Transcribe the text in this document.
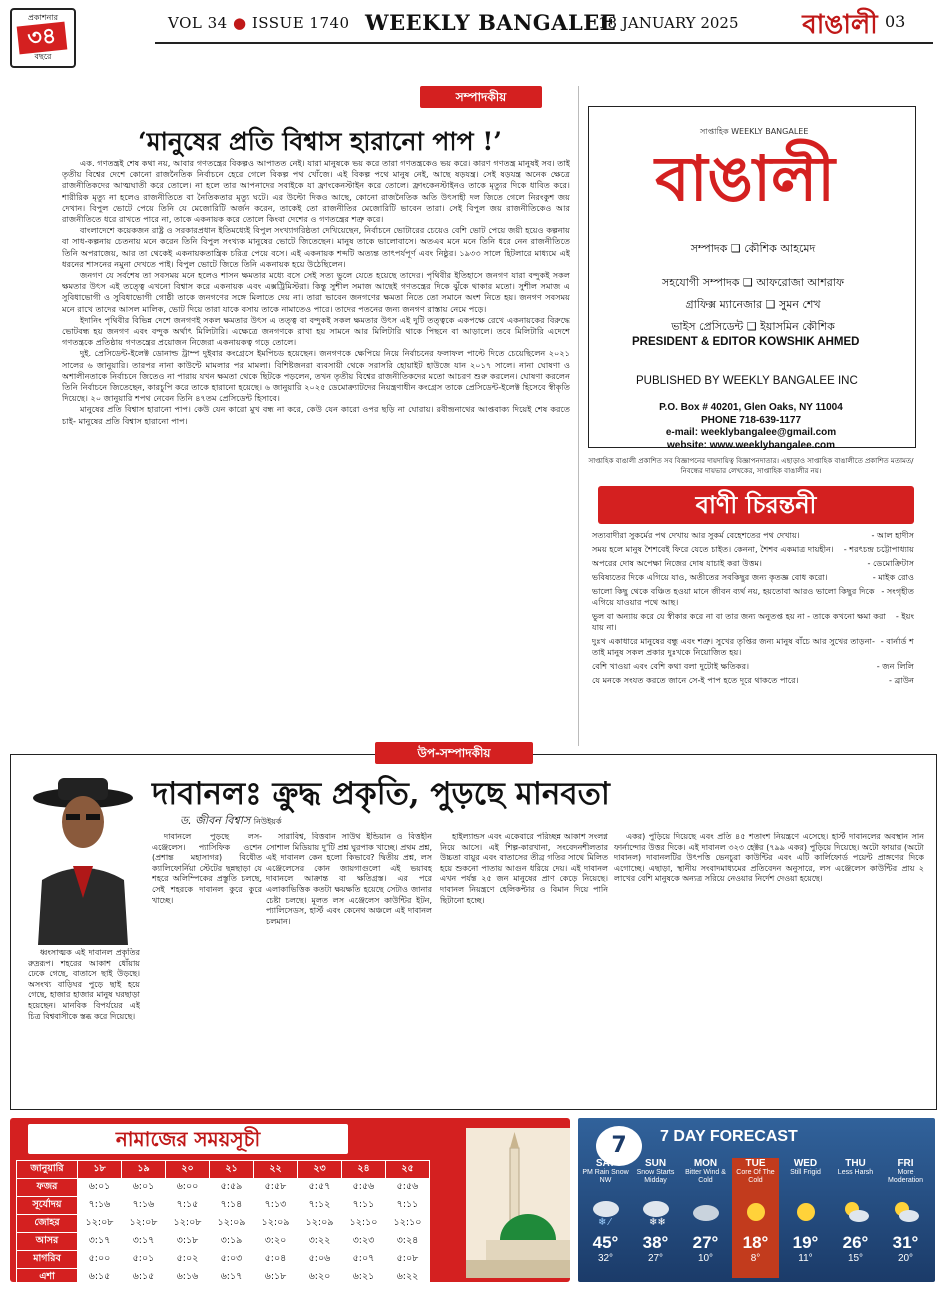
প্রকাশনার
৩৪
বছরে
VOL 34 ● ISSUE 1740 WEEKLY BANGALEE
18 JANUARY 2025 বাঙালী 03
সম্পাদকীয়
‘মানুষের প্রতি বিশ্বাস হারানো পাপ !’

এক. গণতন্ত্রই শেষ কথা নয়, আবার গণতন্ত্রের বিকল্পও আপাতত নেই। যারা মানুষকে ভয় করে তারা গণতন্ত্রকেও ভয় করে। কারণ গণতন্ত্র মানুষই সব। তাই তৃতীয় বিশ্বের দেশে কোনো রাজনৈতিক নির্বাচনে হেরে গেলে বিকল্প পথ খোঁজে। এই বিকল্প পথে মানুষ নেই, আছে ষড়যন্ত্র। সেই ষড়যন্ত্র অনেক ক্ষেত্রে রাজনীতিকদের আত্মঘাতী করে তোলে। না হলে তার আপনাদের সবাইকে যা ফ্রাংকেনস্টাইন করে তোলে। ফ্রাংকেনস্টাইনও তাকে মৃত্যুর দিকে ধাবিত করে। শারীরিক মৃত্যু না হলেও রাজনীতিতে বা নৈতিকতার মৃত্যু ঘটে। এর উল্টো দিকও আছে, কোনো রাজনৈতিক অতি উৎসাহী দল জিতে গেলে নিরংকুশ জয় দেখান। বিপুল ভোটে পেয়ে তিনি যে মেজোরিটি অর্জন করেন, তাকেই তো রাজনীতির মেজোরিটি ভাবেন তারা। সেই বিপুল জয় রাজনীতিকেও আর রাজনীতিতে ধরে রাখতে পারে না, তাকে একনায়ক করে তোলে কিংবা দেশের ও গণতন্ত্রের শত্রু করে।

বাংলাদেশে কয়েকজন রাষ্ট্র ও সরকারপ্রধান ইতিমধ্যেই বিপুল সংখ্যাগরিষ্ঠতা দেখিয়েছেন, নির্বাচনে ভোটারের চেয়েও বেশি ভোট পেয়ে জয়ী হয়েও কল্পনায় বা সাধ-কল্পনায় চেতনায় মনে করেন তিনি বিপুল সংখ্যক মানুষের ভোটে জিতেছেন। মানুষ তাকে ভালোবাসে। অতএব মনে মনে তিনি ধরে নেন রাজনীতিতে তিনি অপরাজেয়, আর তা থেকেই একনায়কতান্ত্রিক চরিত্র পেয়ে বসে। এই একনায়ক শব্দটি অত্যন্ত তাৎপর্যপূর্ণ এবং নিষ্ঠুর। ১৯৩৩ সালে হিটলারে মাধ্যমে এই ধরনের শাসনের নমুনা দেখতে পাই। বিপুল ভোটে জিতে তিনি একনায়ক হয়ে উঠেছিলেন।

জনগণ যে সর্বশেষ তা সবসময় মনে হলেও শাসন ক্ষমতার মধ্যে বসে সেই সত্য ভুলে যেতে হয়েছে তাদের। পৃথিবীর ইতিহাসে জনগণ যারা বন্দুকই সকল ক্ষমতার উৎস এই তত্ত্বে এখনো বিশ্বাস করে একনায়ক এবং এক্সট্রিমিস্টরা। কিন্তু সুশীল সমাজ আছেই গণতন্ত্রের দিকে ঝুঁকে থাকার মতো। সুশীল সমাজ এ সুবিধাভোগী ও সুবিধাভোগী গোষ্ঠী তাকে জনগণের সঙ্গে মিলাতে দেয় না। তারা ভাবেন জনগণের ক্ষমতা নিতে তো সমানে অংশ নিতে হয়। জনগণ সবসময় মনে রাখে তাদের আসল মালিক, ভোট দিয়ে তারা যাকে বসায় তাকে নামাতেও পারে। তাদের পতনের জন্য জনগণ রাস্তায় নেমে পড়ে।

ইদানিং পৃথিবীর বিভিন্ন দেশে জনগণই সকল ক্ষমতার উৎস এ তত্ত্ব বা বন্দুকই সকল ক্ষমতার উৎস এই দুটি তত্ত্বকে একপক্ষে রেখে একনায়কের বিরুদ্ধে ভোটবন্ধ হয় জনগণ এবং বন্দুক অর্থাৎ মিলিটারি। এক্ষেত্রে জনগণকে রাখা হয় সামনে আর মিলিটারি থাকে পিছনে বা আড়ালে। তবে মিলিটারি এদেশে গণতন্ত্রকে প্রতিষ্ঠায় গণতন্ত্রের প্রয়োজন নিজেরা একনায়কত্ব গড়ে তোলে।

দুই. প্রেসিডেন্ট-ইলেক্ট ডোনাল্ড ট্রাম্প দুইবার কংগ্রেসে ইমপিচড হয়েছেন। জনগণকে ক্ষেপিয়ে নিয়ে নির্বাচনের ফলাফল পাল্টে দিতে চেয়েছিলেন ২০২১ সালের ৬ জানুয়ারি। তারপর নানা কাউন্টে মামলার পর মামলা। বিশিষ্টজনরা ব্যবসায়ী থেকে সরাসরি হোয়াইট হাউজে যান ২০১৭ সালে। নানা ঘোষণা ও অশালীনতাকে নির্বাচনে জিতেও না পারায় যখন ক্ষমতা থেকে ছিটকে পড়লেন, তখন তৃতীয় বিশ্বের রাজনীতিকদের মতো আচরণ শুরু করলেন। ঘোষণা করলেন তিনি নির্বাচনে জিতেছেন, কারচুপি করে তাকে হারানো হয়েছে। ৬ জানুয়ারি ২০২৫ ডেমোক্র্যাটদের নিয়ন্ত্রণাধীন কংগ্রেস তাকে প্রেসিডেন্ট-ইলেক্ট হিসেবে স্বীকৃতি দিয়েছে। ২০ জানুয়ারি শপথ নেবেন তিনি ৪৭তম প্রেসিডেন্ট হিসাবে।

মানুষের প্রতি বিশ্বাস হারানো পাপ। কেউ যেন কারো মুখ বন্ধ না করে, কেউ যেন কারো ওপর ছড়ি না ঘোরায়। রবীন্দ্রনাথের আপ্তবাক্য দিয়েই শেষ করতে চাই- মানুষের প্রতি বিশ্বাস হারানো পাপ।

বাঙালী
সাপ্তাহিক WEEKLY BANGALEE
সম্পাদক ❑ কৌশিক আহমেদ
সহযোগী সম্পাদক ❑ আফরোজা আশরাফ
গ্রাফিক্স ম্যানেজার ❑ সুমন শেখ
ভাইস প্রেসিডেন্ট ❑ ইয়াসমিন কৌশিক
PRESIDENT & EDITOR KOWSHIK AHMED
PUBLISHED BY WEEKLY BANGALEE INC
P.O. Box # 40201, Glen Oaks, NY 11004
PHONE 718-639-1177
e-mail: weeklybangalee@gmail.com
website: www.weeklybangalee.com
সাপ্তাহিক বাঙালী প্রকাশিত সব বিজ্ঞাপনের দায়দায়িত্ব বিজ্ঞাপনদাতার। এছাড়াও সাপ্তাহিক বাঙালীতে প্রকাশিত মতামত/নিবন্ধের দায়ভার লেখকের, সাপ্তাহিক বাঙালীর নয়।
বাণী চিরন্তনী
- আল হাদীস
সত্যবাদীরা সুকর্মের পথ দেখায় আর সুকর্ম বেহেশতের পথ দেখায়।
- শরৎচন্দ্র চট্টোপাধ্যায়
সময় হলে মানুষ শৈশবেই ফিরে যেতে চাইত। কেননা, শৈশব একমাত্র দায়হীন।
- ডেমোক্রিটাস
অপরের দোষ অপেক্ষা নিজের দোষ যাচাই করা উত্তম।
- মাইক রোও
ভবিষ্যতের দিকে এগিয়ে যাও, অতীতের সবকিছুর জন্য কৃতজ্ঞ বোধ করো।
- সংগৃহীত
ভালো কিছু থেকে বঞ্চিত হওয়া মানে জীবন ব্যর্থ নয়, হয়তোবা আরও ভালো কিছুর দিকে এগিয়ে যাওয়ার পথে আছ।
- ইয়ং
ভুল বা অন্যায় করে যে স্বীকার করে না বা তার জন্য অনুতপ্ত হয় না - তাকে কখনো ক্ষমা করা যায় না।
- বার্নার্ড শ
দুঃখ একাধারে মানুষের বন্ধু এবং শত্রু। সুখের তৃপ্তির জন্য মানুষ বাঁচে আর সুখের তাড়না-তাই মানুষ সকল প্রকার দুঃখকে নিয়োজিত হয়।
- জন লিলি
বেশি খাওয়া এবং বেশি কথা বলা দুটোই ক্ষতিকর।
- ব্রাউন
যে মনকে সংযত করতে জানে সে-ই পাপ হতে দূরে থাকতে পারে।
উপ-সম্পাদকীয়
দাবানলঃ ক্রুদ্ধ প্রকৃতি, পুড়ছে মানবতা
ড. জীবন বিশ্বাস নিউইয়র্ক

দাবানলে পুড়ছে লস-এঞ্জেলেস। প্যাসিফিক ওশেন (প্রশান্ত মহাসাগর) বিধৌত ক্যালিফোর্নিয়া স্টেটের ছন্নছাড়া যে শহরে অলিম্পিকের প্রস্তুতি চলছে, সেই শহরকে দাবানল কুরে কুরে খাচ্ছে।

ধ্বংসাত্মক এই দাবানল প্রকৃতির রুদ্ররূপ। শহরের আকাশ ধোঁয়ায় ঢেকে গেছে, বাতাসে ছাই উড়ছে। অসংখ্য বাড়িঘর পুড়ে ছাই হয়ে গেছে, হাজার হাজার মানুষ ঘরছাড়া হয়েছেন। মানবিক বিপর্যয়ের এই চিত্র বিশ্ববাসীকে স্তব্ধ করে দিয়েছে।

সারাবিশ্ব, বিত্তবান সাউথ ইন্ডিয়ান ও বিত্তহীন সোশাল মিডিয়ায় দু'টি প্রশ্ন ঘুরপাক খাচ্ছে। প্রথম প্রশ্ন, এই দাবানল কেন হলো কিভাবে? দ্বিতীয় প্রশ্ন, লস এঞ্জেলেসের কোন জায়গাগুলো এই ভয়াবহ দাবানলে আক্রান্ত বা ক্ষতিগ্রস্ত। এর পরে এলাকাভিত্তিক কতটা ক্ষয়ক্ষতি হয়েছে সেটাও জানার চেষ্টা চলছে। মূলত লস এঞ্জেলেস কাউন্টির ইটন, প্যালিসেডস, হার্স্ট এবং কেনেথ অঞ্চলে এই দাবানল চলমান।

হাইল্যান্ডস এবং একেবারে পরিচ্ছন্ন আকাশ সংলগ্ন নিয়ে আসে। এই শিল্প-কারখানা, সংবেদনশীলতার উচ্চতা বায়ুর এবং বাতাসের তীব্র গতির সাথে মিলিত হয়ে শুকনো পাতায় আগুন ধরিয়ে দেয়। এই দাবানল এখন পর্যন্ত ২৫ জন মানুষের প্রাণ কেড়ে নিয়েছে। দাবানল নিয়ন্ত্রণে হেলিকপ্টার ও বিমান দিয়ে পানি ছিটানো হচ্ছে।

একর) পুড়িয়ে দিয়েছে এবং প্রতি ৪৫ শতাংশ নিয়ন্ত্রণে এসেছে। হার্স্ট দাবানলের অবস্থান সান ফার্নান্দোর উত্তর দিকে। এই দাবানল ৩২৩ হেক্টর (৭৯৯ একর) পুড়িয়ে দিয়েছে। অটো ফায়ার (অটো দাবানল) দাবানলটির উৎপত্তি ভেনচুরা কাউন্টির এবং এটি কার্লিফোর্ড পয়েন্ট প্রাঙ্গণের দিকে এগোচ্ছে। এছাড়া, স্থানীয় সংবাদমাধ্যমের প্রতিবেদন অনুসারে, লস এঞ্জেলেস কাউন্টির প্রায় ২ লাখের বেশি মানুষকে অন্যত্র সরিয়ে নেওয়ার নির্দেশ দেওয়া হয়েছে।

নামাজের সময়সূচী
জানুয়ারি	১৮	১৯	২০	২১	২২	২৩	২৪	২৫
ফজর	৬:০১	৬:০১	৬:০০	৫:৫৯	৫:৫৮	৫:৫৭	৫:৫৬	৫:৫৬
সূর্যোদয়	৭:১৬	৭:১৬	৭:১৫	৭:১৪	৭:১৩	৭:১২	৭:১১	৭:১১
জোহর	১২:০৮	১২:০৮	১২:০৮	১২:০৯	১২:০৯	১২:০৯	১২:১০	১২:১০
আসর	৩:১৭	৩:১৭	৩:১৮	৩:১৯	৩:২০	৩:২২	৩:২৩	৩:২৪
মাগরিব	৫:০০	৫:০১	৫:০২	৫:০৩	৫:০৪	৫:০৬	৫:০৭	৫:০৮
এশা	৬:১৫	৬:১৫	৬:১৬	৬:১৭	৬:১৮	৬:২০	৬:২১	৬:২২
7	7 DAY FORECAST
SAT
PM Rain Snow NW
❄ ⁄
45°
32°
SUN
Snow Starts Midday
❄❄
38°
27°
MON
Bitter Wind & Cold
27°
10°
TUE
Core Of The Cold
18°
8°
WED
Still Frigid
19°
11°
THU
Less Harsh
26°
15°
FRI
More Moderation
31°
20°
